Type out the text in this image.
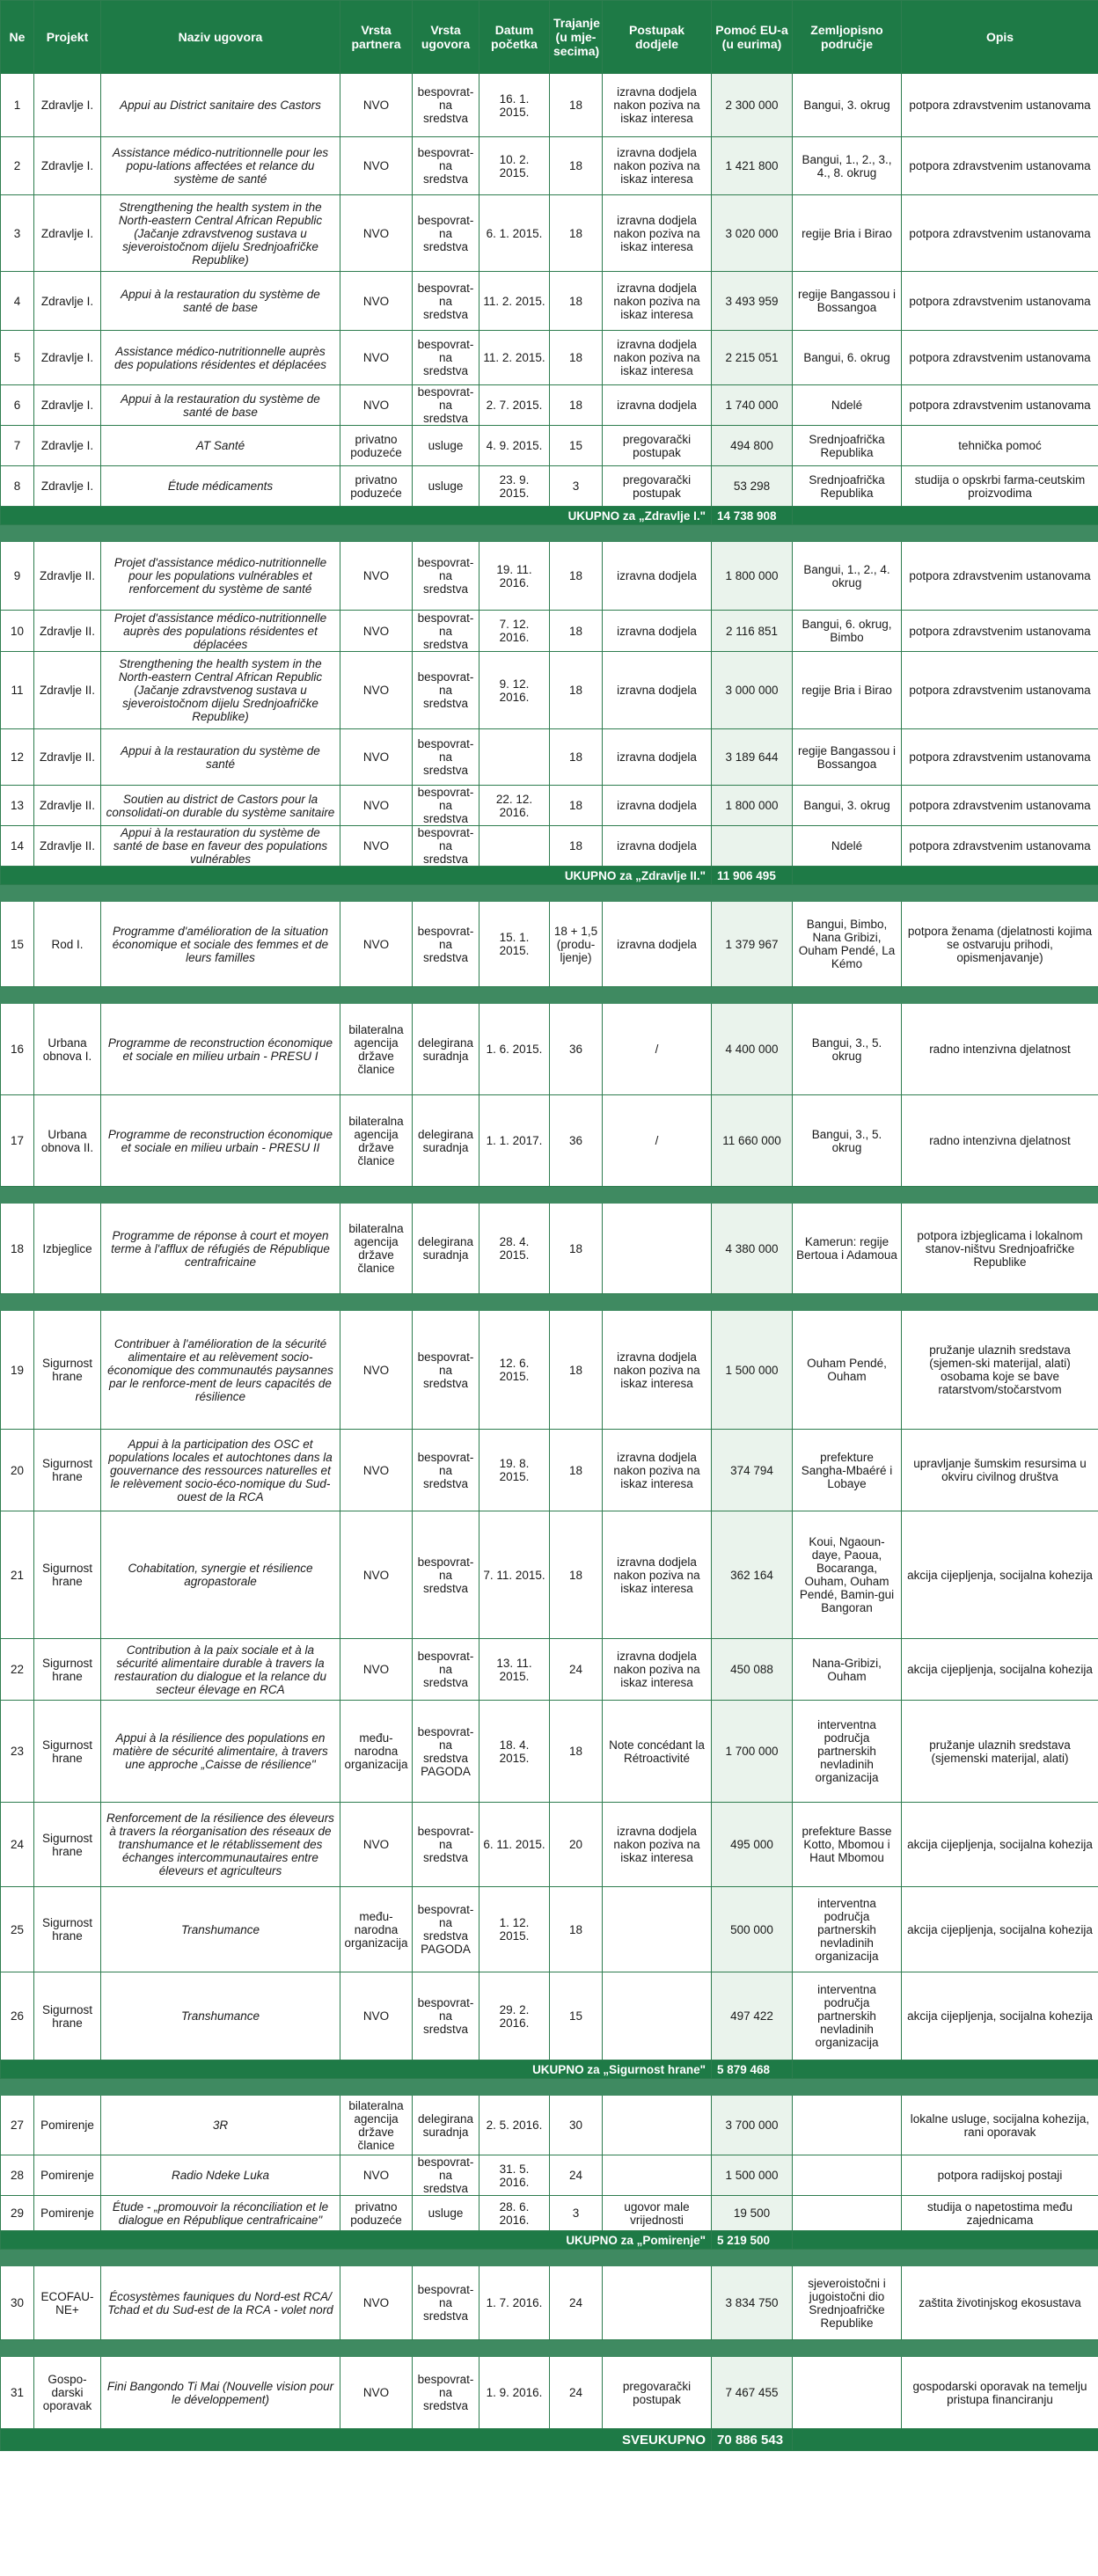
Ne	Projekt	Naziv ugovora	Vrsta partnera	Vrsta ugovora	Datum početka	Trajanje (u mje-secima)	Postupak dodjele	Pomoć EU-a (u eurima)	Zemljopisno područje	Opis
1	Zdravlje I.	Appui au District sanitaire des Castors	NVO	bespovrat-na sredstva	16. 1. 2015.	18	izravna dodjela nakon poziva na iskaz interesa	2 300 000	Bangui, 3. okrug	potpora zdravstvenim ustanovama
2	Zdravlje I.	Assistance médico-nutritionnelle pour les popu-lations affectées et relance du système de santé	NVO	bespovrat-na sredstva	10. 2. 2015.	18	izravna dodjela nakon poziva na iskaz interesa	1 421 800	Bangui, 1., 2., 3., 4., 8. okrug	potpora zdravstvenim ustanovama
3	Zdravlje I.	Strengthening the health system in the North-eastern Central African Republic (Jačanje zdravstvenog sustava u sjeveroistočnom dijelu Srednjoafričke Republike)	NVO	bespovrat-na sredstva	6. 1. 2015.	18	izravna dodjela nakon poziva na iskaz interesa	3 020 000	regije Bria i Birao	potpora zdravstvenim ustanovama
4	Zdravlje I.	Appui à la restauration du système de santé de base	NVO	bespovrat-na sredstva	11. 2. 2015.	18	izravna dodjela nakon poziva na iskaz interesa	3 493 959	regije Bangassou i Bossangoa	potpora zdravstvenim ustanovama
5	Zdravlje I.	Assistance médico-nutritionnelle auprès des populations résidentes et déplacées	NVO	bespovrat-na sredstva	11. 2. 2015.	18	izravna dodjela nakon poziva na iskaz interesa	2 215 051	Bangui, 6. okrug	potpora zdravstvenim ustanovama
6	Zdravlje I.	Appui à la restauration du système de santé de base	NVO	bespovrat-na sredstva	2. 7. 2015.	18	izravna dodjela	1 740 000	Ndelé	potpora zdravstvenim ustanovama
7	Zdravlje I.	AT Santé	privatno poduzeće	usluge	4. 9. 2015.	15	pregovarački postupak	494 800	Srednjoafrička Republika	tehnička pomoć
8	Zdravlje I.	Étude médicaments	privatno poduzeće	usluge	23. 9. 2015.	3	pregovarački postupak	53 298	Srednjoafrička Republika	studija o opskrbi farma-ceutskim proizvodima
UKUPNO za „Zdravlje I."								14 738 908		

9	Zdravlje II.	Projet d'assistance médico-nutritionnelle pour les populations vulnérables et renforcement du système de santé	NVO	bespovrat-na sredstva	19. 11. 2016.	18	izravna dodjela	1 800 000	Bangui, 1., 2., 4. okrug	potpora zdravstvenim ustanovama
10	Zdravlje II.	Projet d'assistance médico-nutritionnelle auprès des populations résidentes et déplacées	NVO	bespovrat-na sredstva	7. 12. 2016.	18	izravna dodjela	2 116 851	Bangui, 6. okrug, Bimbo	potpora zdravstvenim ustanovama
11	Zdravlje II.	Strengthening the health system in the North-eastern Central African Republic (Jačanje zdravstvenog sustava u sjeveroistočnom dijelu Srednjoafričke Republike)	NVO	bespovrat-na sredstva	9. 12. 2016.	18	izravna dodjela	3 000 000	regije Bria i Birao	potpora zdravstvenim ustanovama
12	Zdravlje II.	Appui à la restauration du système de santé	NVO	bespovrat-na sredstva		18	izravna dodjela	3 189 644	regije Bangassou i Bossangoa	potpora zdravstvenim ustanovama
13	Zdravlje II.	Soutien au district de Castors pour la consolidati-on durable du système sanitaire	NVO	bespovrat-na sredstva	22. 12. 2016.	18	izravna dodjela	1 800 000	Bangui, 3. okrug	potpora zdravstvenim ustanovama
14	Zdravlje II.	Appui à la restauration du système de santé de base en faveur des populations vulnérables	NVO	bespovrat-na sredstva		18	izravna dodjela		Ndelé	potpora zdravstvenim ustanovama
UKUPNO za „Zdravlje II."								11 906 495		

15	Rod I.	Programme d'amélioration de la situation économique et sociale des femmes et de leurs familles	NVO	bespovrat-na sredstva	15. 1. 2015.	18 + 1,5 (produ-ljenje)	izravna dodjela	1 379 967	Bangui, Bimbo, Nana Gribizi, Ouham Pendé, La Kémo	potpora ženama (djelatnosti kojima se ostvaruju prihodi, opismenjavanje)

16	Urbana obnova I.	Programme de reconstruction économique et sociale en milieu urbain - PRESU I	bilateralna agencija države članice	delegirana suradnja	1. 6. 2015.	36	/	4 400 000	Bangui, 3., 5. okrug	radno intenzivna djelatnost
17	Urbana obnova II.	Programme de reconstruction économique et sociale en milieu urbain - PRESU II	bilateralna agencija države članice	delegirana suradnja	1. 1. 2017.	36	/	11 660 000	Bangui, 3., 5. okrug	radno intenzivna djelatnost

18	Izbjeglice	Programme de réponse à court et moyen terme à l'afflux de réfugiés de République centrafricaine	bilateralna agencija države članice	delegirana suradnja	28. 4. 2015.	18		4 380 000	Kamerun: regije Bertoua i Adamoua	potpora izbjeglicama i lokalnom stanov-ništvu Srednjoafričke Republike

19	Sigurnost hrane	Contribuer à l'amélioration de la sécurité alimentaire et au relèvement socio-économique des communautés paysannes par le renforce-ment de leurs capacités de résilience	NVO	bespovrat-na sredstva	12. 6. 2015.	18	izravna dodjela nakon poziva na iskaz interesa	1 500 000	Ouham Pendé, Ouham	pružanje ulaznih sredstava (sjemen-ski materijal, alati) osobama koje se bave ratarstvom/stočarstvom
20	Sigurnost hrane	Appui à la participation des OSC et populations locales et autochtones dans la gouvernance des ressources naturelles et le relèvement socio-éco-nomique du Sud-ouest de la RCA	NVO	bespovrat-na sredstva	19. 8. 2015.	18	izravna dodjela nakon poziva na iskaz interesa	374 794	prefekture Sangha-Mbaéré i Lobaye	upravljanje šumskim resursima u okviru civilnog društva
21	Sigurnost hrane	Cohabitation, synergie et résilience agropastorale	NVO	bespovrat-na sredstva	7. 11. 2015.	18	izravna dodjela nakon poziva na iskaz interesa	362 164	Koui, Ngaoun-daye, Paoua, Bocaranga, Ouham, Ouham Pendé, Bamin-gui Bangoran	akcija cijepljenja, socijalna kohezija
22	Sigurnost hrane	Contribution à la paix sociale et à la sécurité alimentaire durable à travers la restauration du dialogue et la relance du secteur élevage en RCA	NVO	bespovrat-na sredstva	13. 11. 2015.	24	izravna dodjela nakon poziva na iskaz interesa	450 088	Nana-Gribizi, Ouham	akcija cijepljenja, socijalna kohezija
23	Sigurnost hrane	Appui à la résilience des populations en matière de sécurité alimentaire, à travers une approche „Caisse de résilience"	među-narodna organizacija	bespovrat-na sredstva PAGODA	18. 4. 2015.	18	Note concédant la Rétroactivité	1 700 000	interventna područja partnerskih nevladinih organizacija	pružanje ulaznih sredstava (sjemenski materijal, alati)
24	Sigurnost hrane	Renforcement de la résilience des éleveurs à travers la réorganisation des réseaux de transhumance et le rétablissement des échanges intercommunautaires entre éleveurs et agriculteurs	NVO	bespovrat-na sredstva	6. 11. 2015.	20	izravna dodjela nakon poziva na iskaz interesa	495 000	prefekture Basse Kotto, Mbomou i Haut Mbomou	akcija cijepljenja, socijalna kohezija
25	Sigurnost hrane	Transhumance	među-narodna organizacija	bespovrat-na sredstva PAGODA	1. 12. 2015.	18		500 000	interventna područja partnerskih nevladinih organizacija	akcija cijepljenja, socijalna kohezija
26	Sigurnost hrane	Transhumance	NVO	bespovrat-na sredstva	29. 2. 2016.	15		497 422	interventna područja partnerskih nevladinih organizacija	akcija cijepljenja, socijalna kohezija
UKUPNO za „Sigurnost hrane"								5 879 468		

27	Pomirenje	3R	bilateralna agencija države članice	delegirana suradnja	2. 5. 2016.	30		3 700 000		lokalne usluge, socijalna kohezija, rani oporavak
28	Pomirenje	Radio Ndeke Luka	NVO	bespovrat-na sredstva	31. 5. 2016.	24		1 500 000		potpora radijskoj postaji
29	Pomirenje	Étude - „promouvoir la réconciliation et le dialogue en République centrafricaine"	privatno poduzeće	usluge	28. 6. 2016.	3	ugovor male vrijednosti	19 500		studija o napetostima među zajednicama
UKUPNO za „Pomirenje"								5 219 500		

30	ECOFAU-NE+	Écosystèmes fauniques du Nord-est RCA/ Tchad et du Sud-est de la RCA - volet nord	NVO	bespovrat-na sredstva	1. 7. 2016.	24		3 834 750	sjeveroistočni i jugoistočni dio Srednjoafričke Republike	zaštita životinjskog ekosustava

31	Gospo-darski oporavak	Fini Bangondo Ti Mai (Nouvelle vision pour le développement)	NVO	bespovrat-na sredstva	1. 9. 2016.	24	pregovarački postupak	7 467 455		gospodarski oporavak na temelju pristupa financiranju
SVEUKUPNO								70 886 543		
